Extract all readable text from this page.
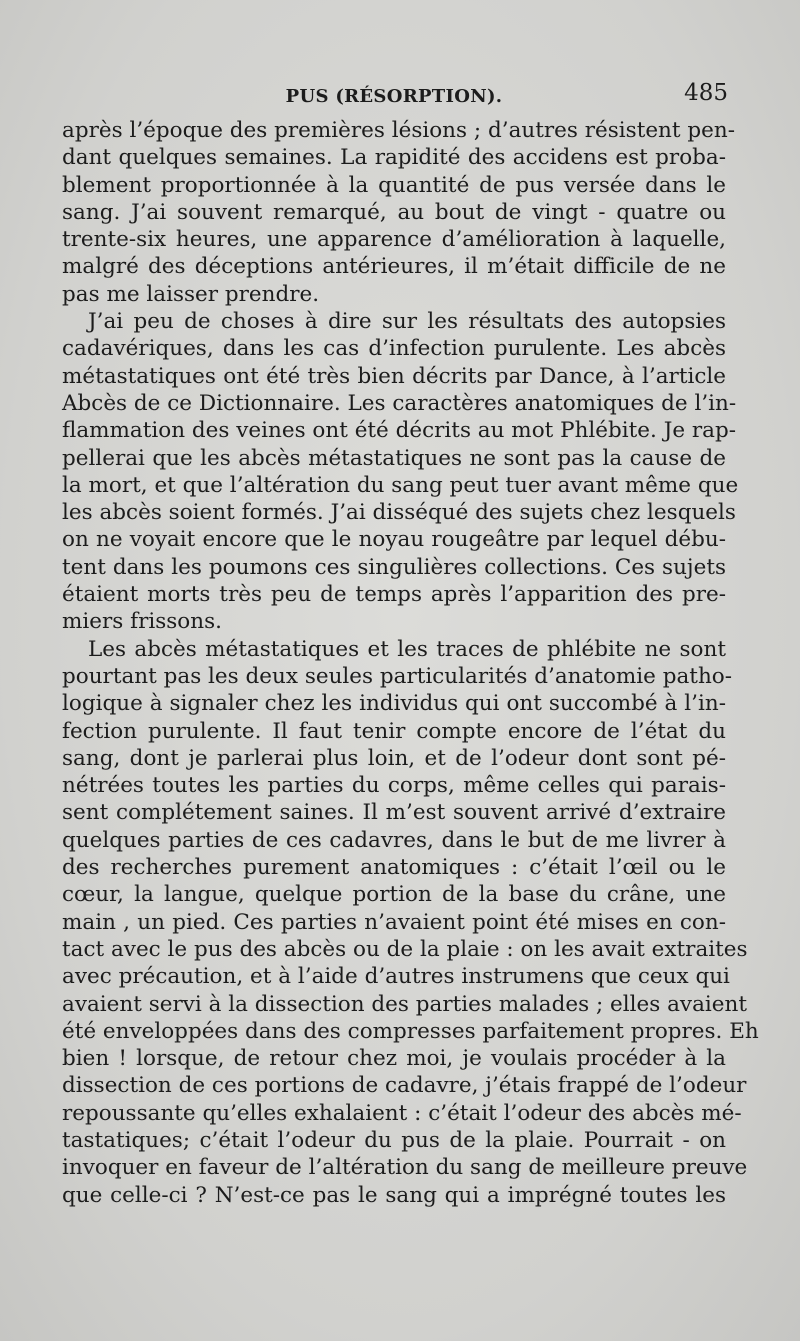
PUS (RÉSORPTION).	485
après l’époque des premières lésions ; d’autres résistent pen-
dant quelques semaines. La rapidité des accidens est proba-
blement proportionnée à la quantité de pus versée dans le
sang. J’ai souvent remarqué, au bout de vingt - quatre ou
trente-six heures, une apparence d’amélioration à laquelle,
malgré des déceptions antérieures, il m’était difficile de ne
pas me laisser prendre.
J’ai peu de choses à dire sur les résultats des autopsies
cadavériques, dans les cas d’infection purulente. Les abcès
métastatiques ont été très bien décrits par Dance, à l’article
Abcès de ce Dictionnaire. Les caractères anatomiques de l’in-
flammation des veines ont été décrits au mot Phlébite. Je rap-
pellerai que les abcès métastatiques ne sont pas la cause de
la mort, et que l’altération du sang peut tuer avant même que
les abcès soient formés. J’ai disséqué des sujets chez lesquels
on ne voyait encore que le noyau rougeâtre par lequel débu-
tent dans les poumons ces singulières collections. Ces sujets
étaient morts très peu de temps après l’apparition des pre-
miers frissons.
Les abcès métastatiques et les traces de phlébite ne sont
pourtant pas les deux seules particularités d’anatomie patho-
logique à signaler chez les individus qui ont succombé à l’in-
fection purulente. Il faut tenir compte encore de l’état du
sang, dont je parlerai plus loin, et de l’odeur dont sont pé-
nétrées toutes les parties du corps, même celles qui parais-
sent complétement saines. Il m’est souvent arrivé d’extraire
quelques parties de ces cadavres, dans le but de me livrer à
des recherches purement anatomiques : c’était l’œil ou le
cœur, la langue, quelque portion de la base du crâne, une
main , un pied. Ces parties n’avaient point été mises en con-
tact avec le pus des abcès ou de la plaie : on les avait extraites
avec précaution, et à l’aide d’autres instrumens que ceux qui
avaient servi à la dissection des parties malades ; elles avaient
été enveloppées dans des compresses parfaitement propres. Eh
bien ! lorsque, de retour chez moi, je voulais procéder à la
dissection de ces portions de cadavre, j’étais frappé de l’odeur
repoussante qu’elles exhalaient : c’était l’odeur des abcès mé-
tastatiques; c’était l’odeur du pus de la plaie. Pourrait - on
invoquer en faveur de l’altération du sang de meilleure preuve
que celle-ci ? N’est-ce pas le sang qui a imprégné toutes les
